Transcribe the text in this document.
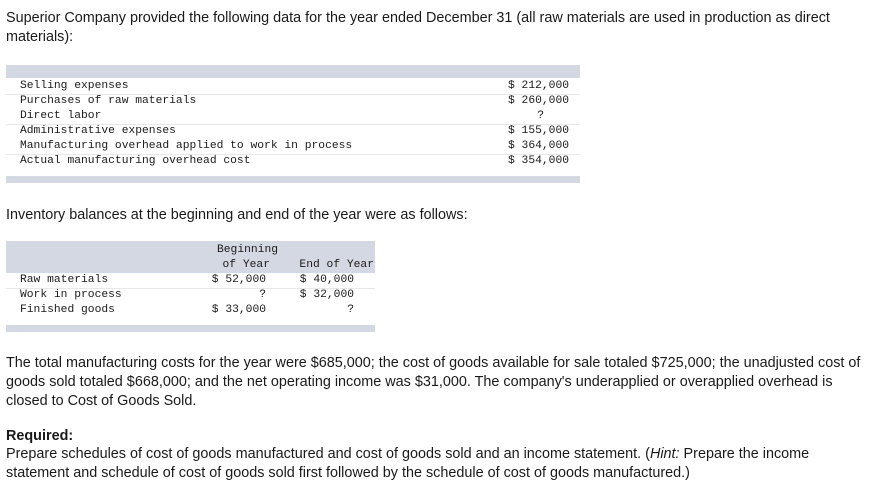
Superior Company provided the following data for the year ended December 31 (all raw materials are used in production as direct materials):

Selling expenses	$ 212,000
Purchases of raw materials	$ 260,000
Direct labor	?
Administrative expenses	$ 155,000
Manufacturing overhead applied to work in process	$ 364,000
Actual manufacturing overhead cost	$ 354,000

Inventory balances at the beginning and end of the year were as follows:

Beginning
of Year	End of Year
Raw materials	$ 52,000	$ 40,000
Work in process	?	$ 32,000
Finished goods	$ 33,000	?

The total manufacturing costs for the year were $685,000; the cost of goods available for sale totaled $725,000; the unadjusted cost of goods sold totaled $668,000; and the net operating income was $31,000. The company's underapplied or overapplied overhead is closed to Cost of Goods Sold.

Required:

Prepare schedules of cost of goods manufactured and cost of goods sold and an income statement. (Hint: Prepare the income statement and schedule of cost of goods sold first followed by the schedule of cost of goods manufactured.)
